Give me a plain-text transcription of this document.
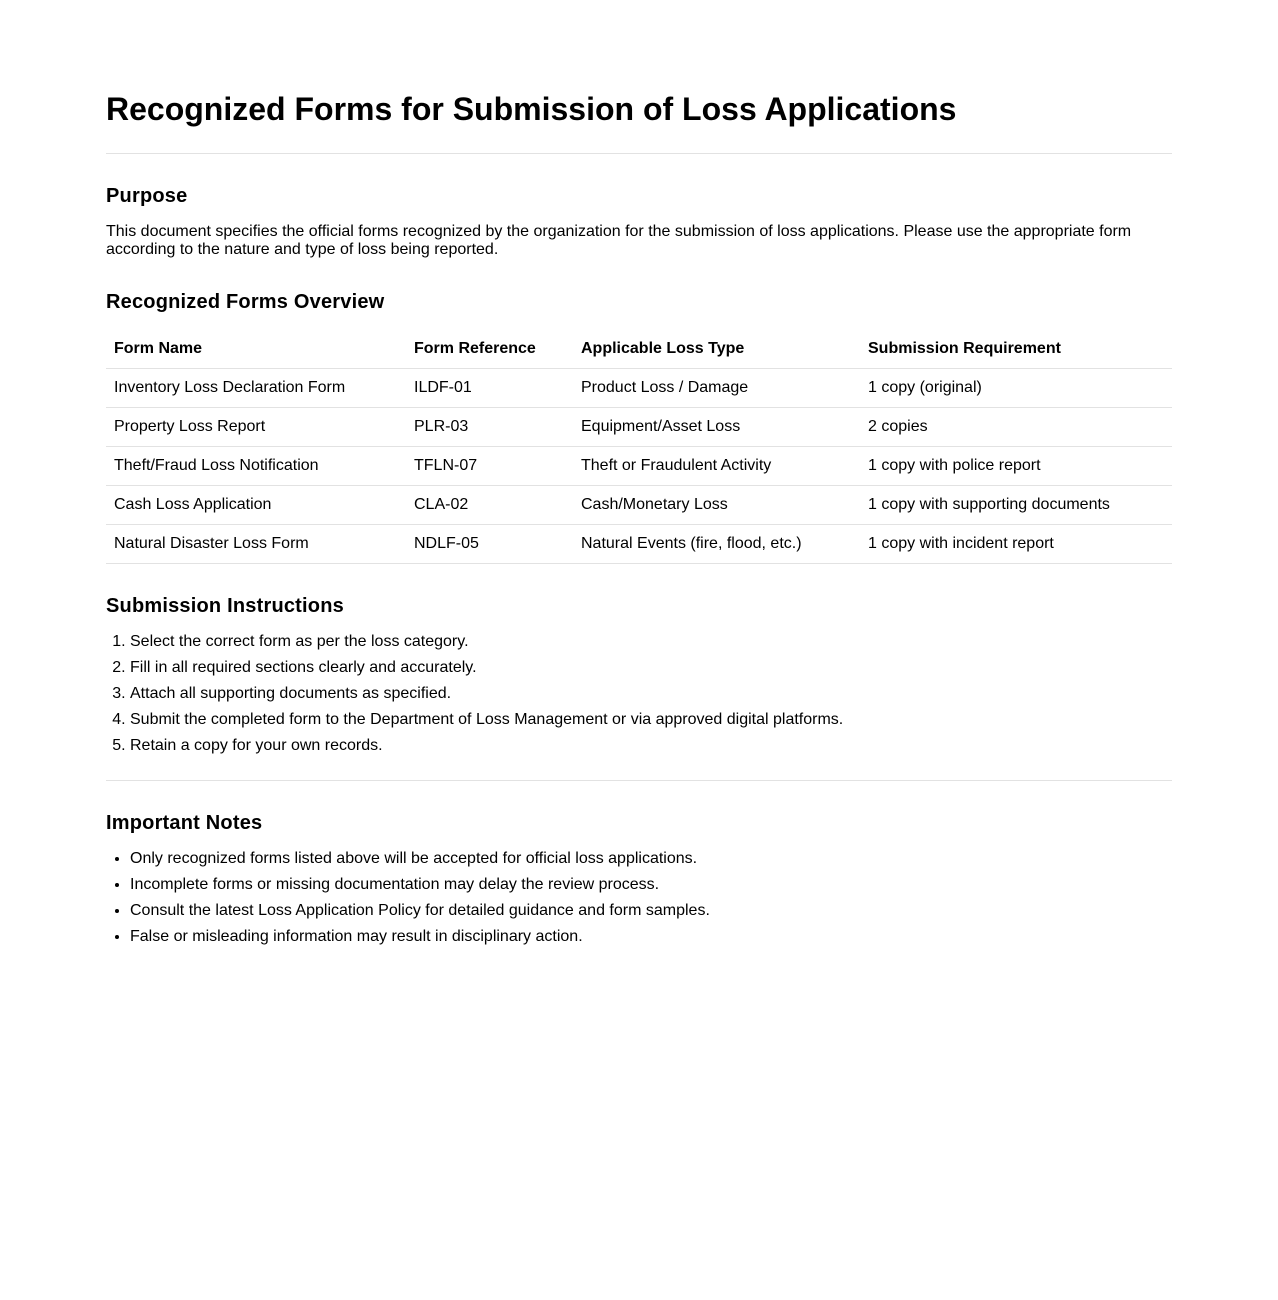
Recognized Forms for Submission of Loss Applications
Purpose

This document specifies the official forms recognized by the organization for the submission of loss applications. Please use the appropriate form according to the nature and type of loss being reported.

Recognized Forms Overview
Form Name	Form Reference	Applicable Loss Type	Submission Requirement
Inventory Loss Declaration Form	ILDF-01	Product Loss / Damage	1 copy (original)
Property Loss Report	PLR-03	Equipment/Asset Loss	2 copies
Theft/Fraud Loss Notification	TFLN-07	Theft or Fraudulent Activity	1 copy with police report
Cash Loss Application	CLA-02	Cash/Monetary Loss	1 copy with supporting documents
Natural Disaster Loss Form	NDLF-05	Natural Events (fire, flood, etc.)	1 copy with incident report
Submission Instructions
1. Select the correct form as per the loss category.
2. Fill in all required sections clearly and accurately.
3. Attach all supporting documents as specified.
4. Submit the completed form to the Department of Loss Management or via approved digital platforms.
5. Retain a copy for your own records.
Important Notes
• Only recognized forms listed above will be accepted for official loss applications.
• Incomplete forms or missing documentation may delay the review process.
• Consult the latest Loss Application Policy for detailed guidance and form samples.
• False or misleading information may result in disciplinary action.
